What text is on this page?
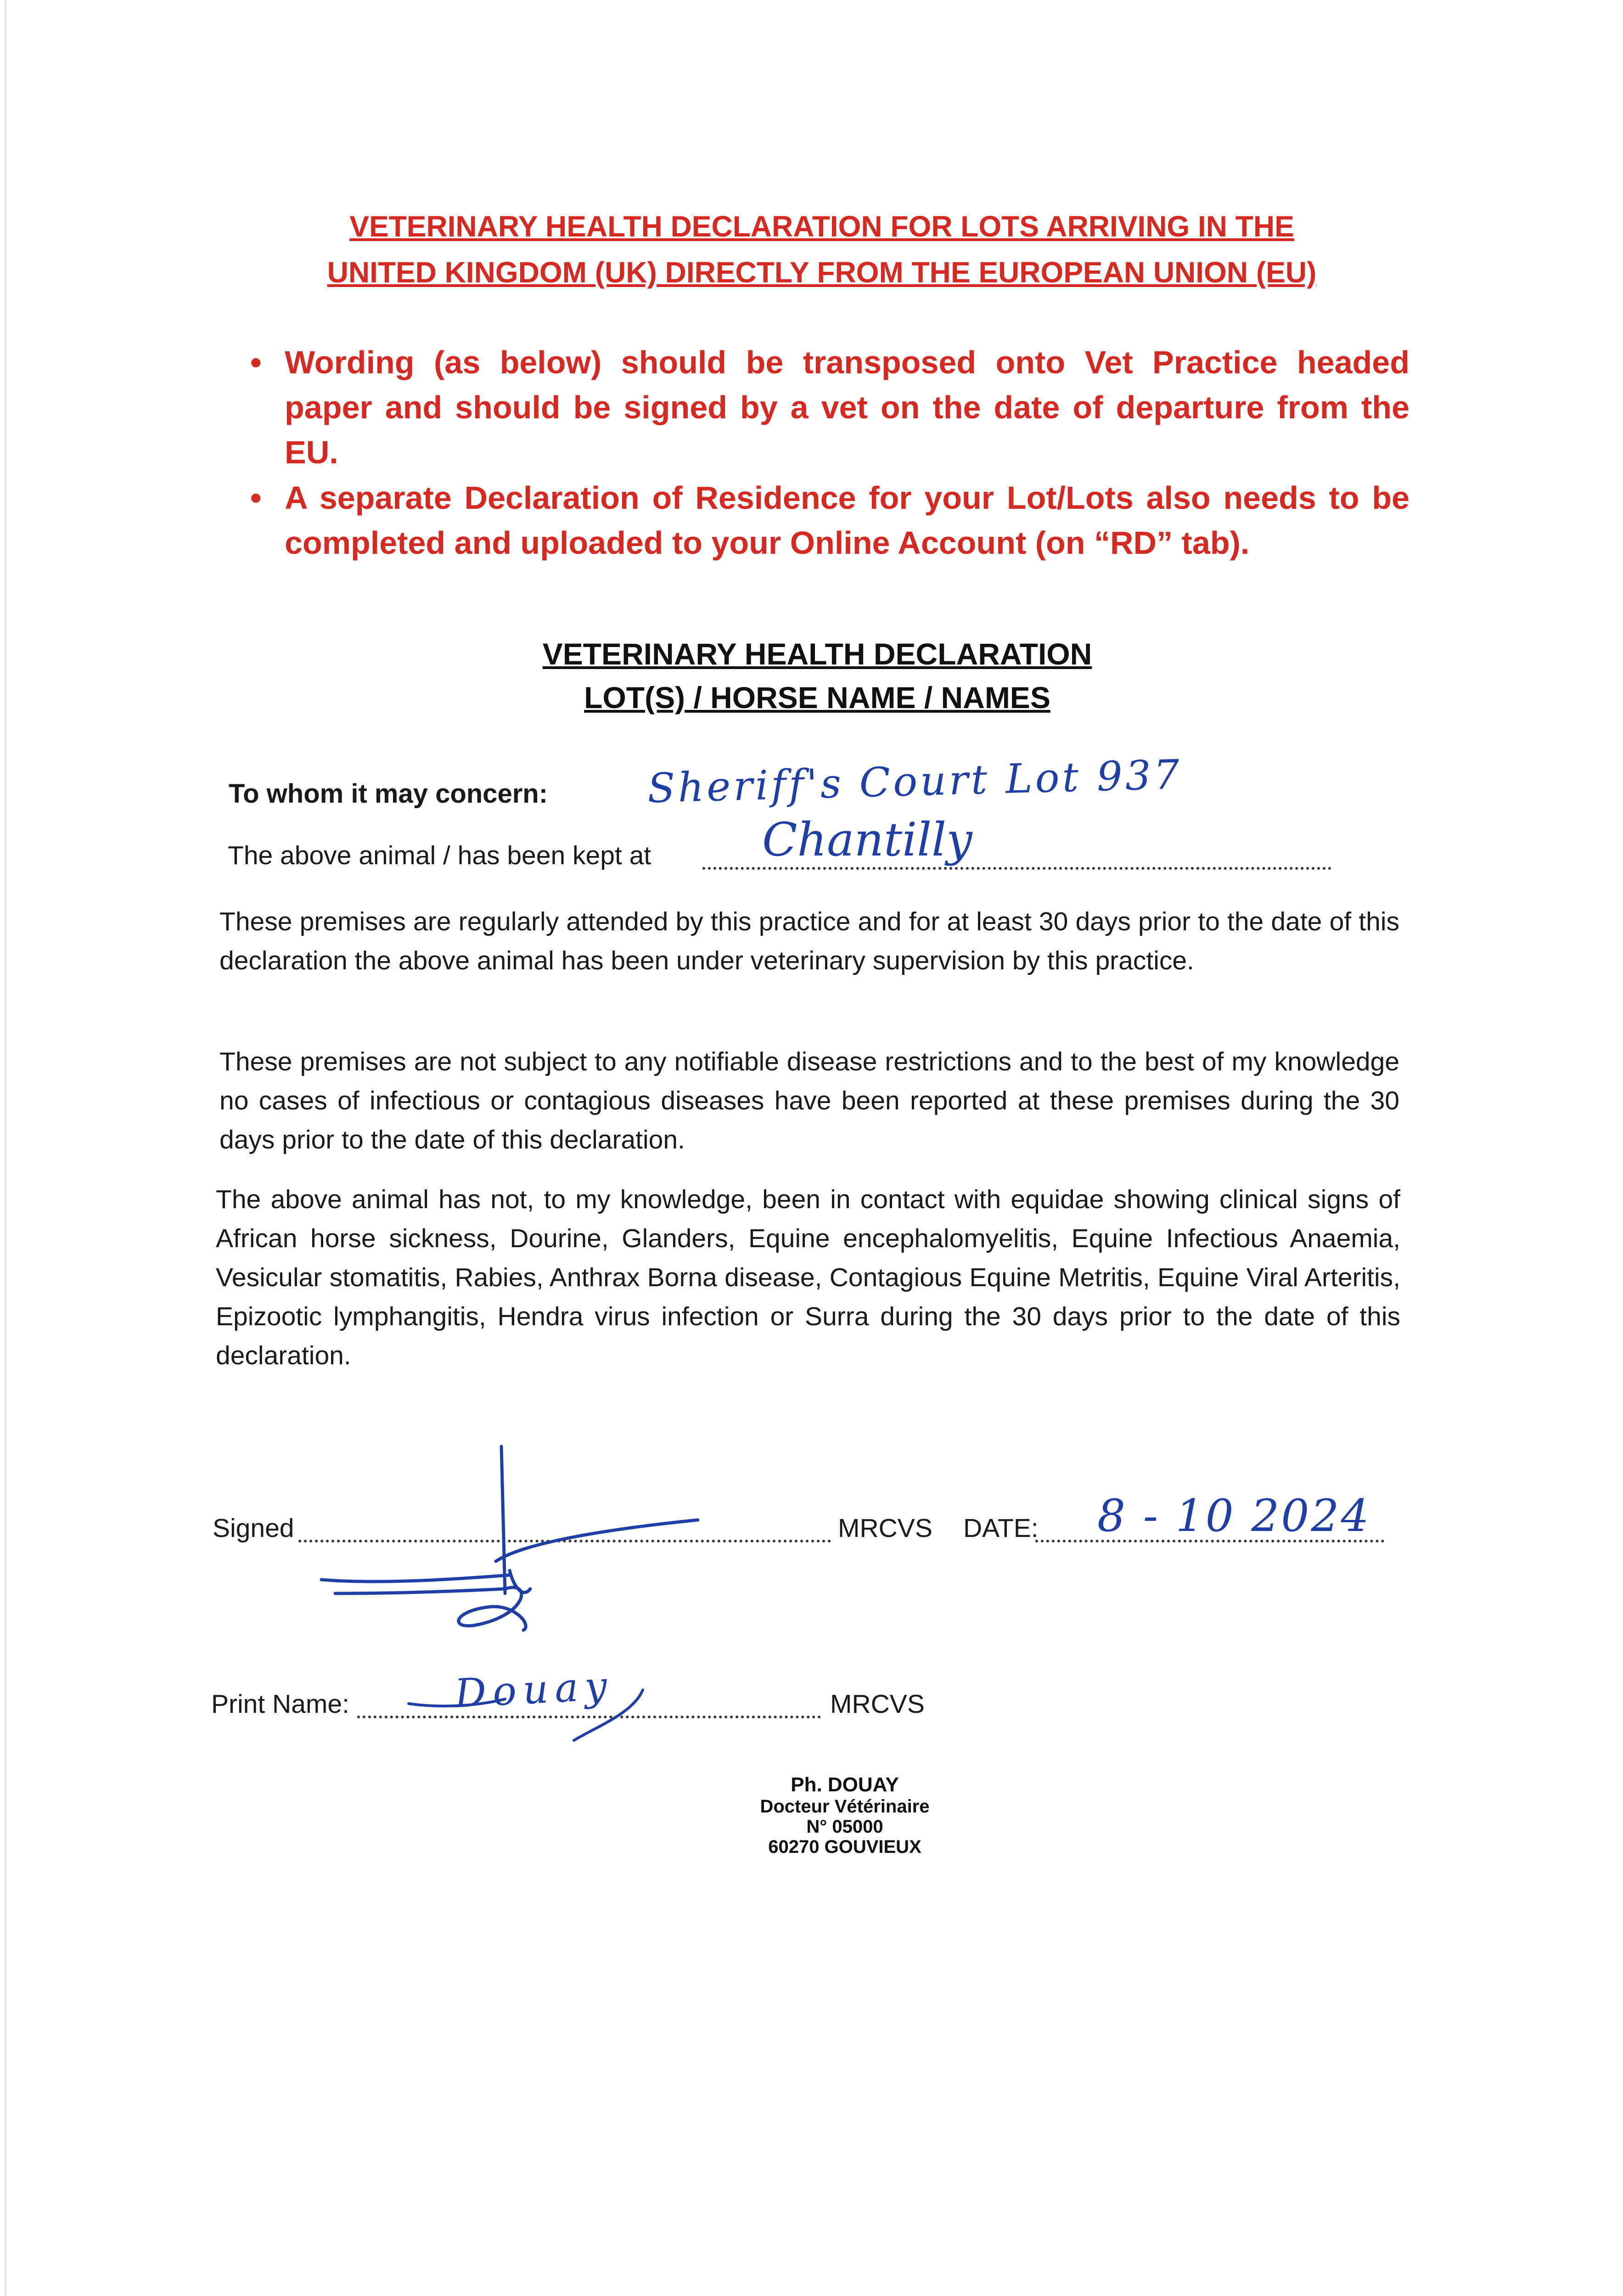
VETERINARY HEALTH DECLARATION FOR LOTS ARRIVING IN THE
UNITED KINGDOM (UK) DIRECTLY FROM THE EUROPEAN UNION (EU)
• Wording (as below) should be transposed onto Vet Practice headed paper and should be signed by a vet on the date of departure from the EU.
• A separate Declaration of Residence for your Lot/Lots also needs to be completed and uploaded to your Online Account (on “RD” tab).
VETERINARY HEALTH DECLARATION
LOT(S) / HORSE NAME / NAMES
To whom it may concern: Sheriff's Court Lot 937
The above animal / has been kept at Chantilly
These premises are regularly attended by this practice and for at least 30 days prior to the date of this declaration the above animal has been under veterinary supervision by this practice.
These premises are not subject to any notifiable disease restrictions and to the best of my knowledge no cases of infectious or contagious diseases have been reported at these premises during the 30 days prior to the date of this declaration.
The above animal has not, to my knowledge, been in contact with equidae showing clinical signs of African horse sickness, Dourine, Glanders, Equine encephalomyelitis, Equine Infectious Anaemia, Vesicular stomatitis, Rabies, Anthrax Borna disease, Contagious Equine Metritis, Equine Viral Arteritis, Epizootic lymphangitis, Hendra virus infection or Surra during the 30 days prior to the date of this declaration.
Signed	MRCVS DATE: 8 - 10 2024
Print Name:	MRCVS
Douay
Ph. DOUAY
Docteur Vétérinaire
N° 05000
60270 GOUVIEUX
